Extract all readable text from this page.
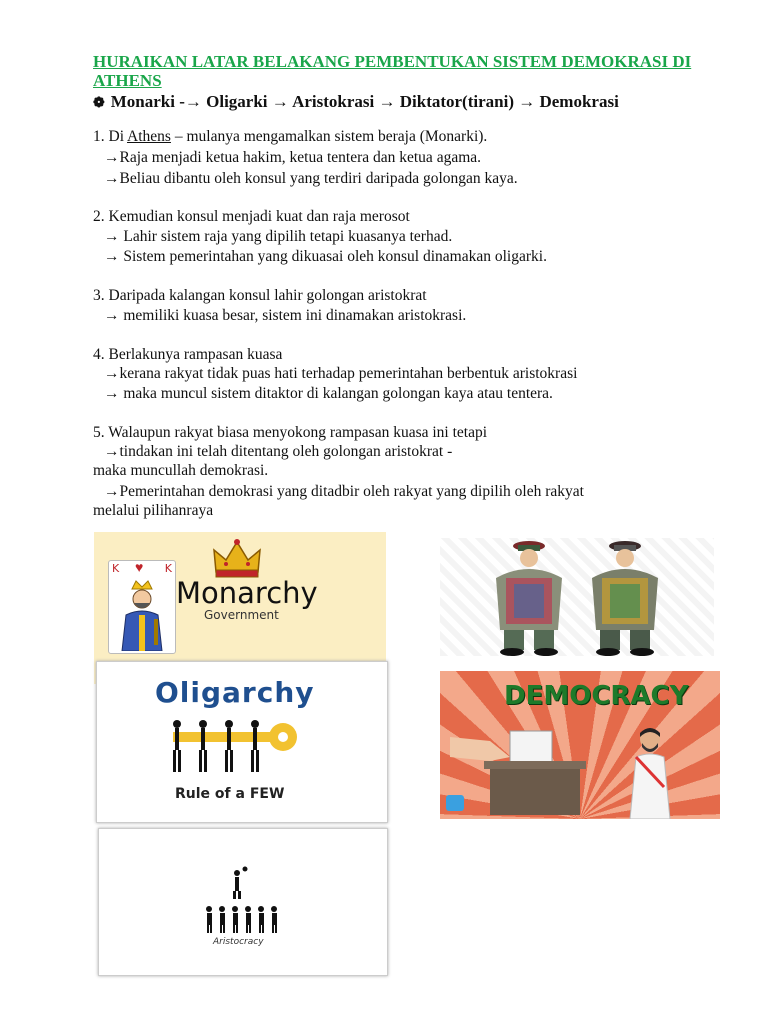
HURAIKAN LATAR BELAKANG PEMBENTUKAN SISTEM DEMOKRASI DI ATHENS
❁ Monarki -→ Oligarki → Aristokrasi → Diktator(tirani) → Demokrasi
1. Di Athens – mulanya mengamalkan sistem beraja (Monarki).
→Raja menjadi ketua hakim, ketua tentera dan ketua agama.
→Beliau dibantu oleh konsul yang terdiri daripada golongan kaya.
2. Kemudian konsul menjadi kuat dan raja merosot
→ Lahir sistem raja yang dipilih tetapi kuasanya terhad.
→ Sistem pemerintahan yang dikuasai oleh konsul dinamakan oligarki.
3. Daripada kalangan konsul lahir golongan aristokrat
→ memiliki kuasa besar, sistem ini dinamakan aristokrasi.
4. Berlakunya rampasan kuasa
→kerana rakyat tidak puas hati terhadap pemerintahan berbentuk aristokrasi
→ maka muncul sistem ditaktor di kalangan golongan kaya atau tentera.
5. Walaupun rakyat biasa menyokong rampasan kuasa ini tetapi
→tindakan ini telah ditentang oleh golongan aristokrat -
maka muncullah demokrasi.
→Pemerintahan demokrasi yang ditadbir oleh rakyat yang dipilih oleh rakyat
melalui pilihanraya
K	K
♥
Monarchy
Government
Oligarchy
Rule of a FEW
DEMOCRACY
Aristocracy
